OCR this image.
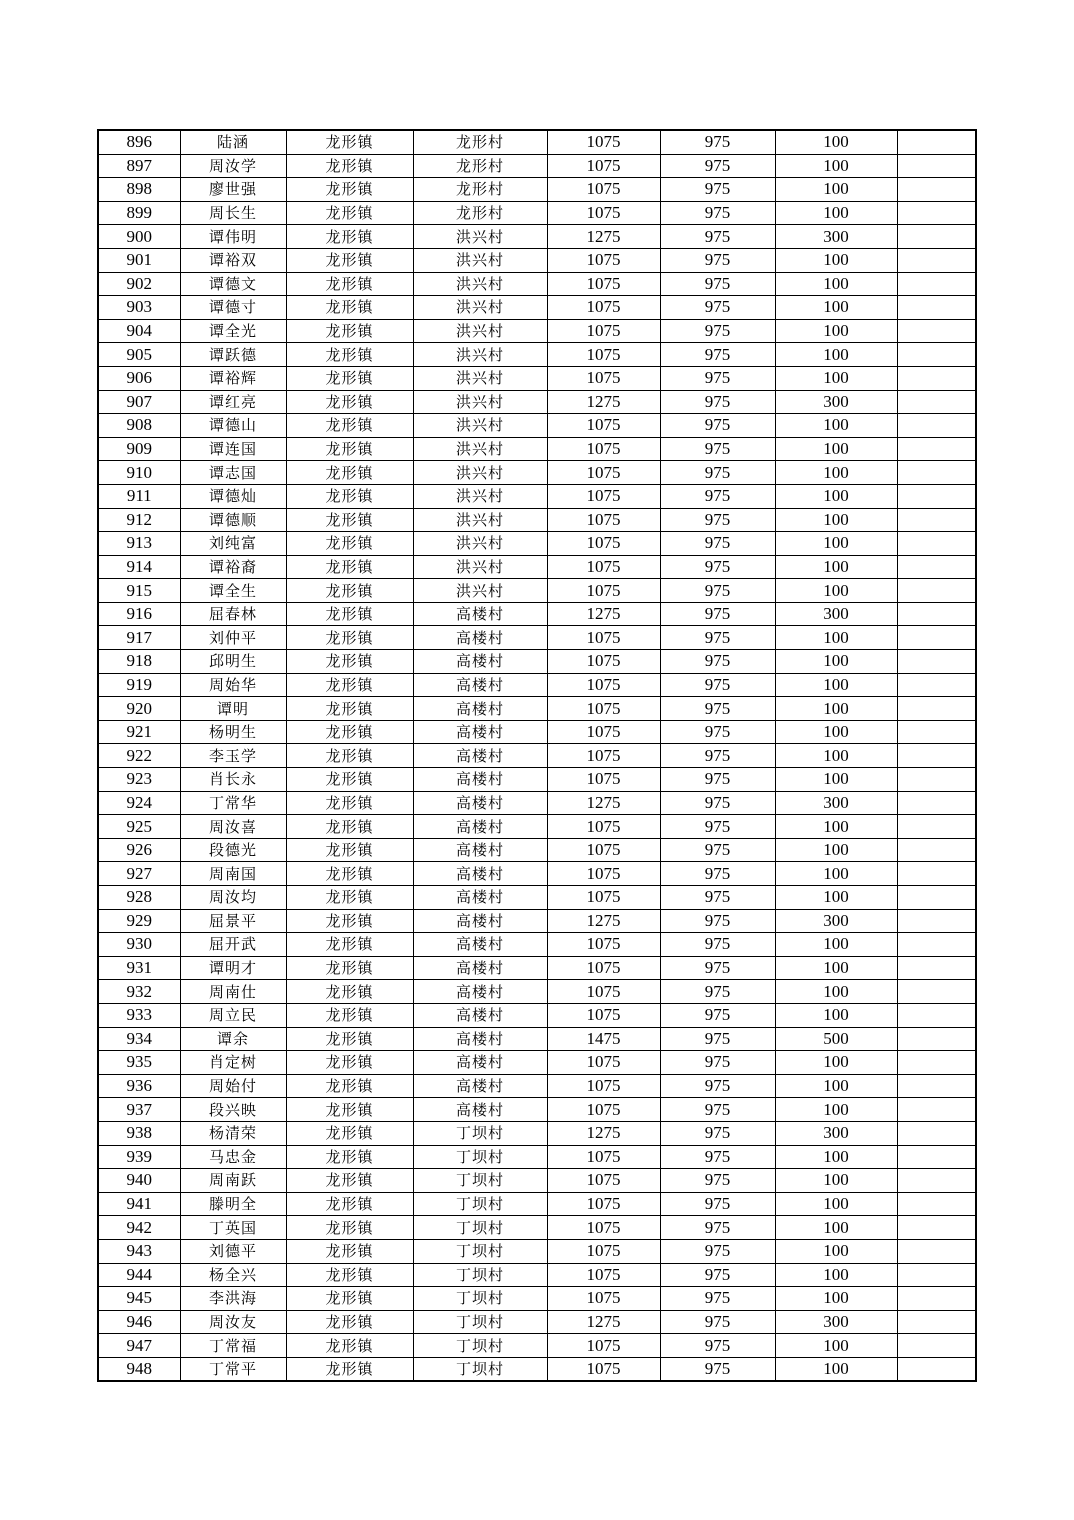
896	陆涵	龙形镇	龙形村	1075	975	100	
897	周汝学	龙形镇	龙形村	1075	975	100	
898	廖世强	龙形镇	龙形村	1075	975	100	
899	周长生	龙形镇	龙形村	1075	975	100	
900	谭伟明	龙形镇	洪兴村	1275	975	300	
901	谭裕双	龙形镇	洪兴村	1075	975	100	
902	谭德文	龙形镇	洪兴村	1075	975	100	
903	谭德寸	龙形镇	洪兴村	1075	975	100	
904	谭全光	龙形镇	洪兴村	1075	975	100	
905	谭跃德	龙形镇	洪兴村	1075	975	100	
906	谭裕辉	龙形镇	洪兴村	1075	975	100	
907	谭红亮	龙形镇	洪兴村	1275	975	300	
908	谭德山	龙形镇	洪兴村	1075	975	100	
909	谭连国	龙形镇	洪兴村	1075	975	100	
910	谭志国	龙形镇	洪兴村	1075	975	100	
911	谭德灿	龙形镇	洪兴村	1075	975	100	
912	谭德顺	龙形镇	洪兴村	1075	975	100	
913	刘纯富	龙形镇	洪兴村	1075	975	100	
914	谭裕裔	龙形镇	洪兴村	1075	975	100	
915	谭全生	龙形镇	洪兴村	1075	975	100	
916	屈春林	龙形镇	高楼村	1275	975	300	
917	刘仲平	龙形镇	高楼村	1075	975	100	
918	邱明生	龙形镇	高楼村	1075	975	100	
919	周始华	龙形镇	高楼村	1075	975	100	
920	谭明	龙形镇	高楼村	1075	975	100	
921	杨明生	龙形镇	高楼村	1075	975	100	
922	李玉学	龙形镇	高楼村	1075	975	100	
923	肖长永	龙形镇	高楼村	1075	975	100	
924	丁常华	龙形镇	高楼村	1275	975	300	
925	周汝喜	龙形镇	高楼村	1075	975	100	
926	段德光	龙形镇	高楼村	1075	975	100	
927	周南国	龙形镇	高楼村	1075	975	100	
928	周汝均	龙形镇	高楼村	1075	975	100	
929	屈景平	龙形镇	高楼村	1275	975	300	
930	屈开武	龙形镇	高楼村	1075	975	100	
931	谭明才	龙形镇	高楼村	1075	975	100	
932	周南仕	龙形镇	高楼村	1075	975	100	
933	周立民	龙形镇	高楼村	1075	975	100	
934	谭余	龙形镇	高楼村	1475	975	500	
935	肖定树	龙形镇	高楼村	1075	975	100	
936	周始付	龙形镇	高楼村	1075	975	100	
937	段兴映	龙形镇	高楼村	1075	975	100	
938	杨清荣	龙形镇	丁坝村	1275	975	300	
939	马忠金	龙形镇	丁坝村	1075	975	100	
940	周南跃	龙形镇	丁坝村	1075	975	100	
941	滕明全	龙形镇	丁坝村	1075	975	100	
942	丁英国	龙形镇	丁坝村	1075	975	100	
943	刘德平	龙形镇	丁坝村	1075	975	100	
944	杨全兴	龙形镇	丁坝村	1075	975	100	
945	李洪海	龙形镇	丁坝村	1075	975	100	
946	周汝友	龙形镇	丁坝村	1275	975	300	
947	丁常福	龙形镇	丁坝村	1075	975	100	
948	丁常平	龙形镇	丁坝村	1075	975	100	
